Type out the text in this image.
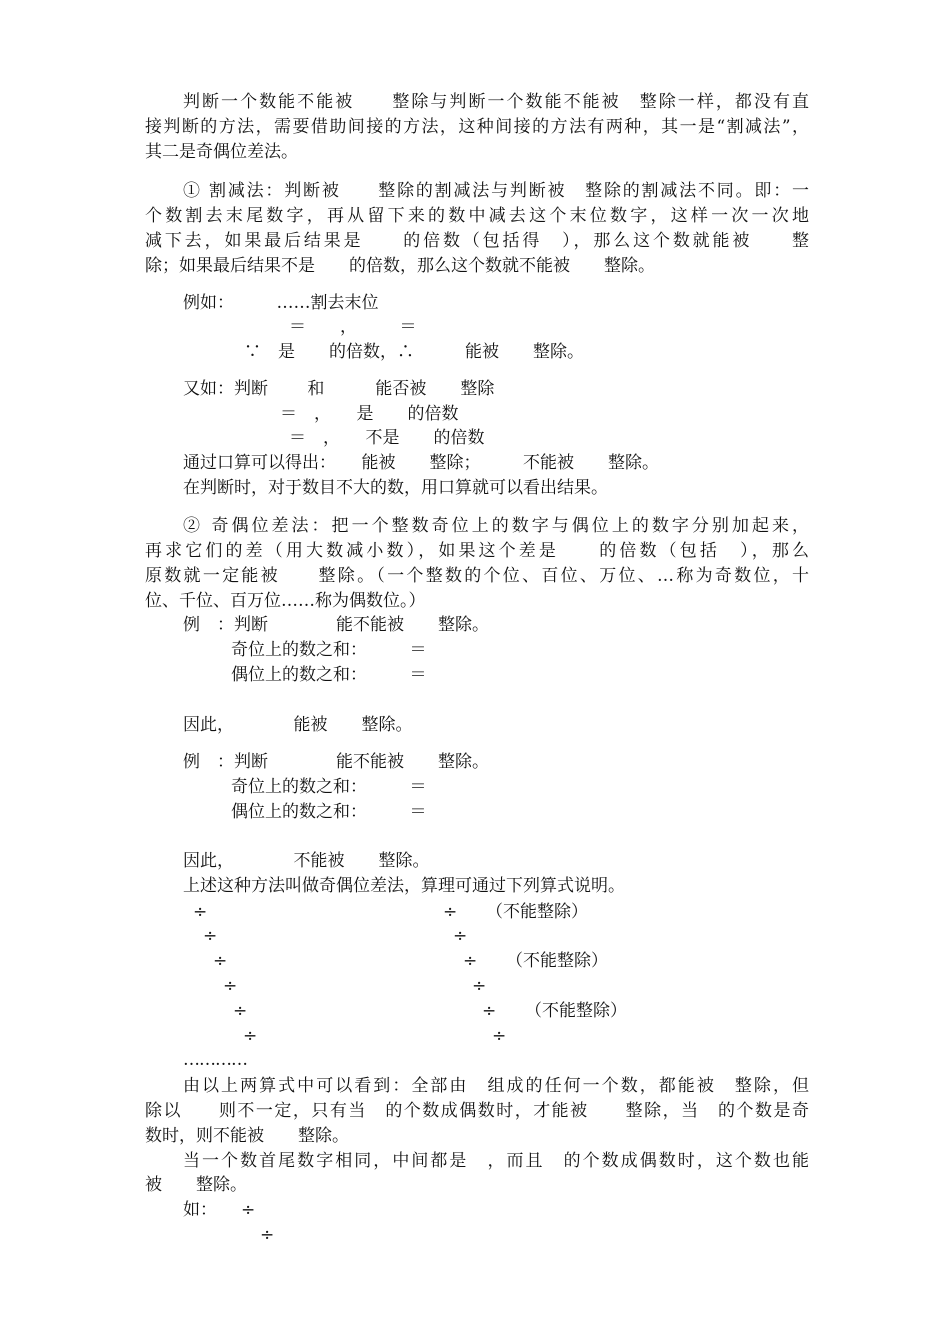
判断一个数能不能被　　整除与判断一个数能不能被　整除一样，都没有直
接判断的方法，需要借助间接的方法，这种间接的方法有两种，其一是“割减法”，
其二是奇偶位差法。
① 割减法：判断被　　整除的割减法与判断被　整除的割减法不同。即：一
个数割去末尾数字，再从留下来的数中减去这个末位数字，这样一次一次地
减下去，如果最后结果是　　的倍数（包括得　），那么这个数就能被　　整
除；如果最后结果不是　　的倍数，那么这个数就不能被　　整除。
例如：　　　……割去末位
＝　　，　　　＝
∵　是　　的倍数，∴　　　能被　　整除。
又如：判断　　 和　　　能否被　　整除
＝　，　　是　　的倍数
＝　，　　不是　　的倍数
通过口算可以得出：　　能被　　整除；　　　不能被　　整除。
在判断时，对于数目不大的数，用口算就可以看出结果。
② 奇偶位差法：把一个整数奇位上的数字与偶位上的数字分别加起来，
再求它们的差（用大数减小数），如果这个差是　　的倍数（包括　），那么
原数就一定能被　　整除。（一个整数的个位、百位、万位、…称为奇数位，十
位、千位、百万位……称为偶数位。）
例　：判断　　　　能不能被　　整除。
奇位上的数之和：　　　＝
偶位上的数之和：　　　＝
因此，　　　　能被　　整除。
例　：判断　　　　能不能被　　整除。
奇位上的数之和：　　　＝
偶位上的数之和：　　　＝
因此，　　　　不能被　　整除。
上述这种方法叫做奇偶位差法，算理可通过下列算式说明。
÷	÷ （不能整除）
÷	÷
÷	÷ （不能整除）
÷	÷
÷	÷ （不能整除）
÷	÷
…………
由以上两算式中可以看到：全部由　组成的任何一个数，都能被　整除，但
除以　　则不一定，只有当　的个数成偶数时，才能被　　整除，当　的个数是奇
数时，则不能被　　整除。
当一个数首尾数字相同，中间都是　，而且　的个数成偶数时，这个数也能
被　　整除。
如： ÷
÷
